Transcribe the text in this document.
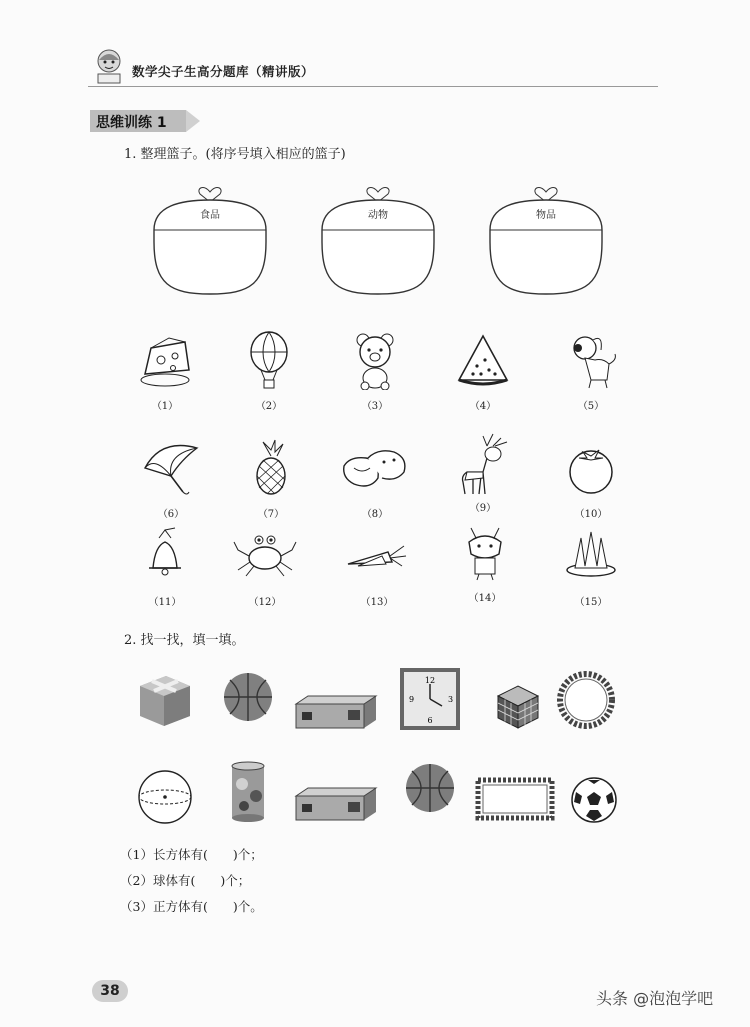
数学尖子生高分题库（精讲版）
思维训练 1
1. 整理篮子。(将序号填入相应的篮子)
食品	动物	物品
（1）	（2）	（3）	（4）	（5）
（6）	（7）	（8）
（9）
（10）
（11）	（12）	（13）	（14）	（15）
2. 找一找，填一填。
12
6
9	3
（1）长方体有(　　)个；
（2）球体有(　　)个；
（3）正方体有(　　)个。
38	头条 @泡泡学吧
